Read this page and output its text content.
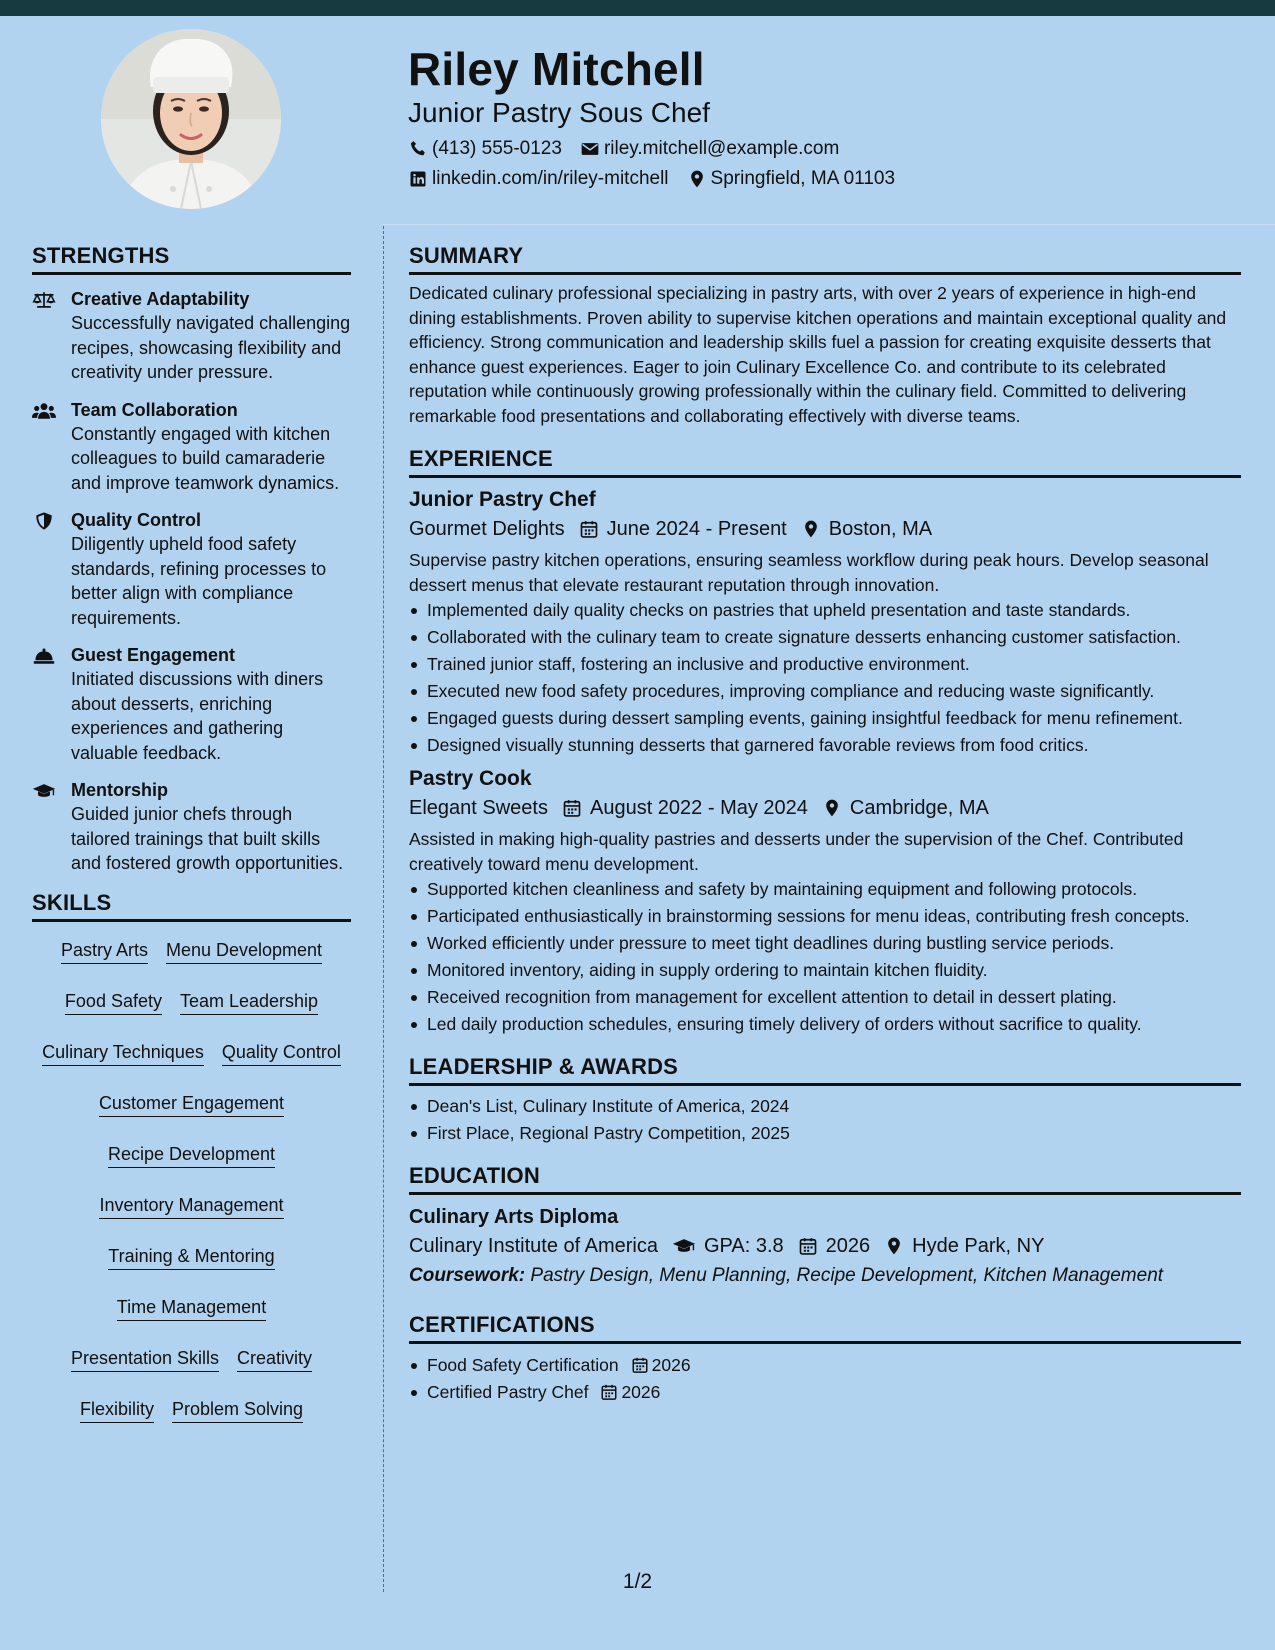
Riley Mitchell
Junior Pastry Sous Chef
(413) 555-0123 riley.mitchell@example.com
linkedin.com/in/riley-mitchell Springfield, MA 01103
STRENGTHS
Creative Adaptability
Successfully navigated challenging recipes, showcasing flexibility and creativity under pressure.
Team Collaboration
Constantly engaged with kitchen colleagues to build camaraderie and improve teamwork dynamics.
Quality Control
Diligently upheld food safety standards, refining processes to better align with compliance requirements.
Guest Engagement
Initiated discussions with diners about desserts, enriching experiences and gathering valuable feedback.
Mentorship
Guided junior chefs through tailored trainings that built skills and fostered growth opportunities.
SKILLS
Pastry Arts Menu Development
Food Safety Team Leadership
Culinary Techniques Quality Control
Customer Engagement
Recipe Development
Inventory Management
Training & Mentoring
Time Management
Presentation Skills Creativity
Flexibility Problem Solving
SUMMARY
Dedicated culinary professional specializing in pastry arts, with over 2 years of experience in high-end dining establishments. Proven ability to supervise kitchen operations and maintain exceptional quality and efficiency. Strong communication and leadership skills fuel a passion for creating exquisite desserts that enhance guest experiences. Eager to join Culinary Excellence Co. and contribute to its celebrated reputation while continuously growing professionally within the culinary field. Committed to delivering remarkable food presentations and collaborating effectively with diverse teams.
EXPERIENCE
Junior Pastry Chef
Gourmet Delights June 2024 - Present Boston, MA
Supervise pastry kitchen operations, ensuring seamless workflow during peak hours. Develop seasonal dessert menus that elevate restaurant reputation through innovation.
Implemented daily quality checks on pastries that upheld presentation and taste standards.
Collaborated with the culinary team to create signature desserts enhancing customer satisfaction.
Trained junior staff, fostering an inclusive and productive environment.
Executed new food safety procedures, improving compliance and reducing waste significantly.
Engaged guests during dessert sampling events, gaining insightful feedback for menu refinement.
Designed visually stunning desserts that garnered favorable reviews from food critics.
Pastry Cook
Elegant Sweets August 2022 - May 2024 Cambridge, MA
Assisted in making high-quality pastries and desserts under the supervision of the Chef. Contributed creatively toward menu development.
Supported kitchen cleanliness and safety by maintaining equipment and following protocols.
Participated enthusiastically in brainstorming sessions for menu ideas, contributing fresh concepts.
Worked efficiently under pressure to meet tight deadlines during bustling service periods.
Monitored inventory, aiding in supply ordering to maintain kitchen fluidity.
Received recognition from management for excellent attention to detail in dessert plating.
Led daily production schedules, ensuring timely delivery of orders without sacrifice to quality.
LEADERSHIP & AWARDS
Dean's List, Culinary Institute of America, 2024
First Place, Regional Pastry Competition, 2025
EDUCATION
Culinary Arts Diploma
Culinary Institute of America GPA: 3.8 2026 Hyde Park, NY
Coursework: Pastry Design, Menu Planning, Recipe Development, Kitchen Management
CERTIFICATIONS
Food Safety Certification 2026
Certified Pastry Chef 2026
1/2
